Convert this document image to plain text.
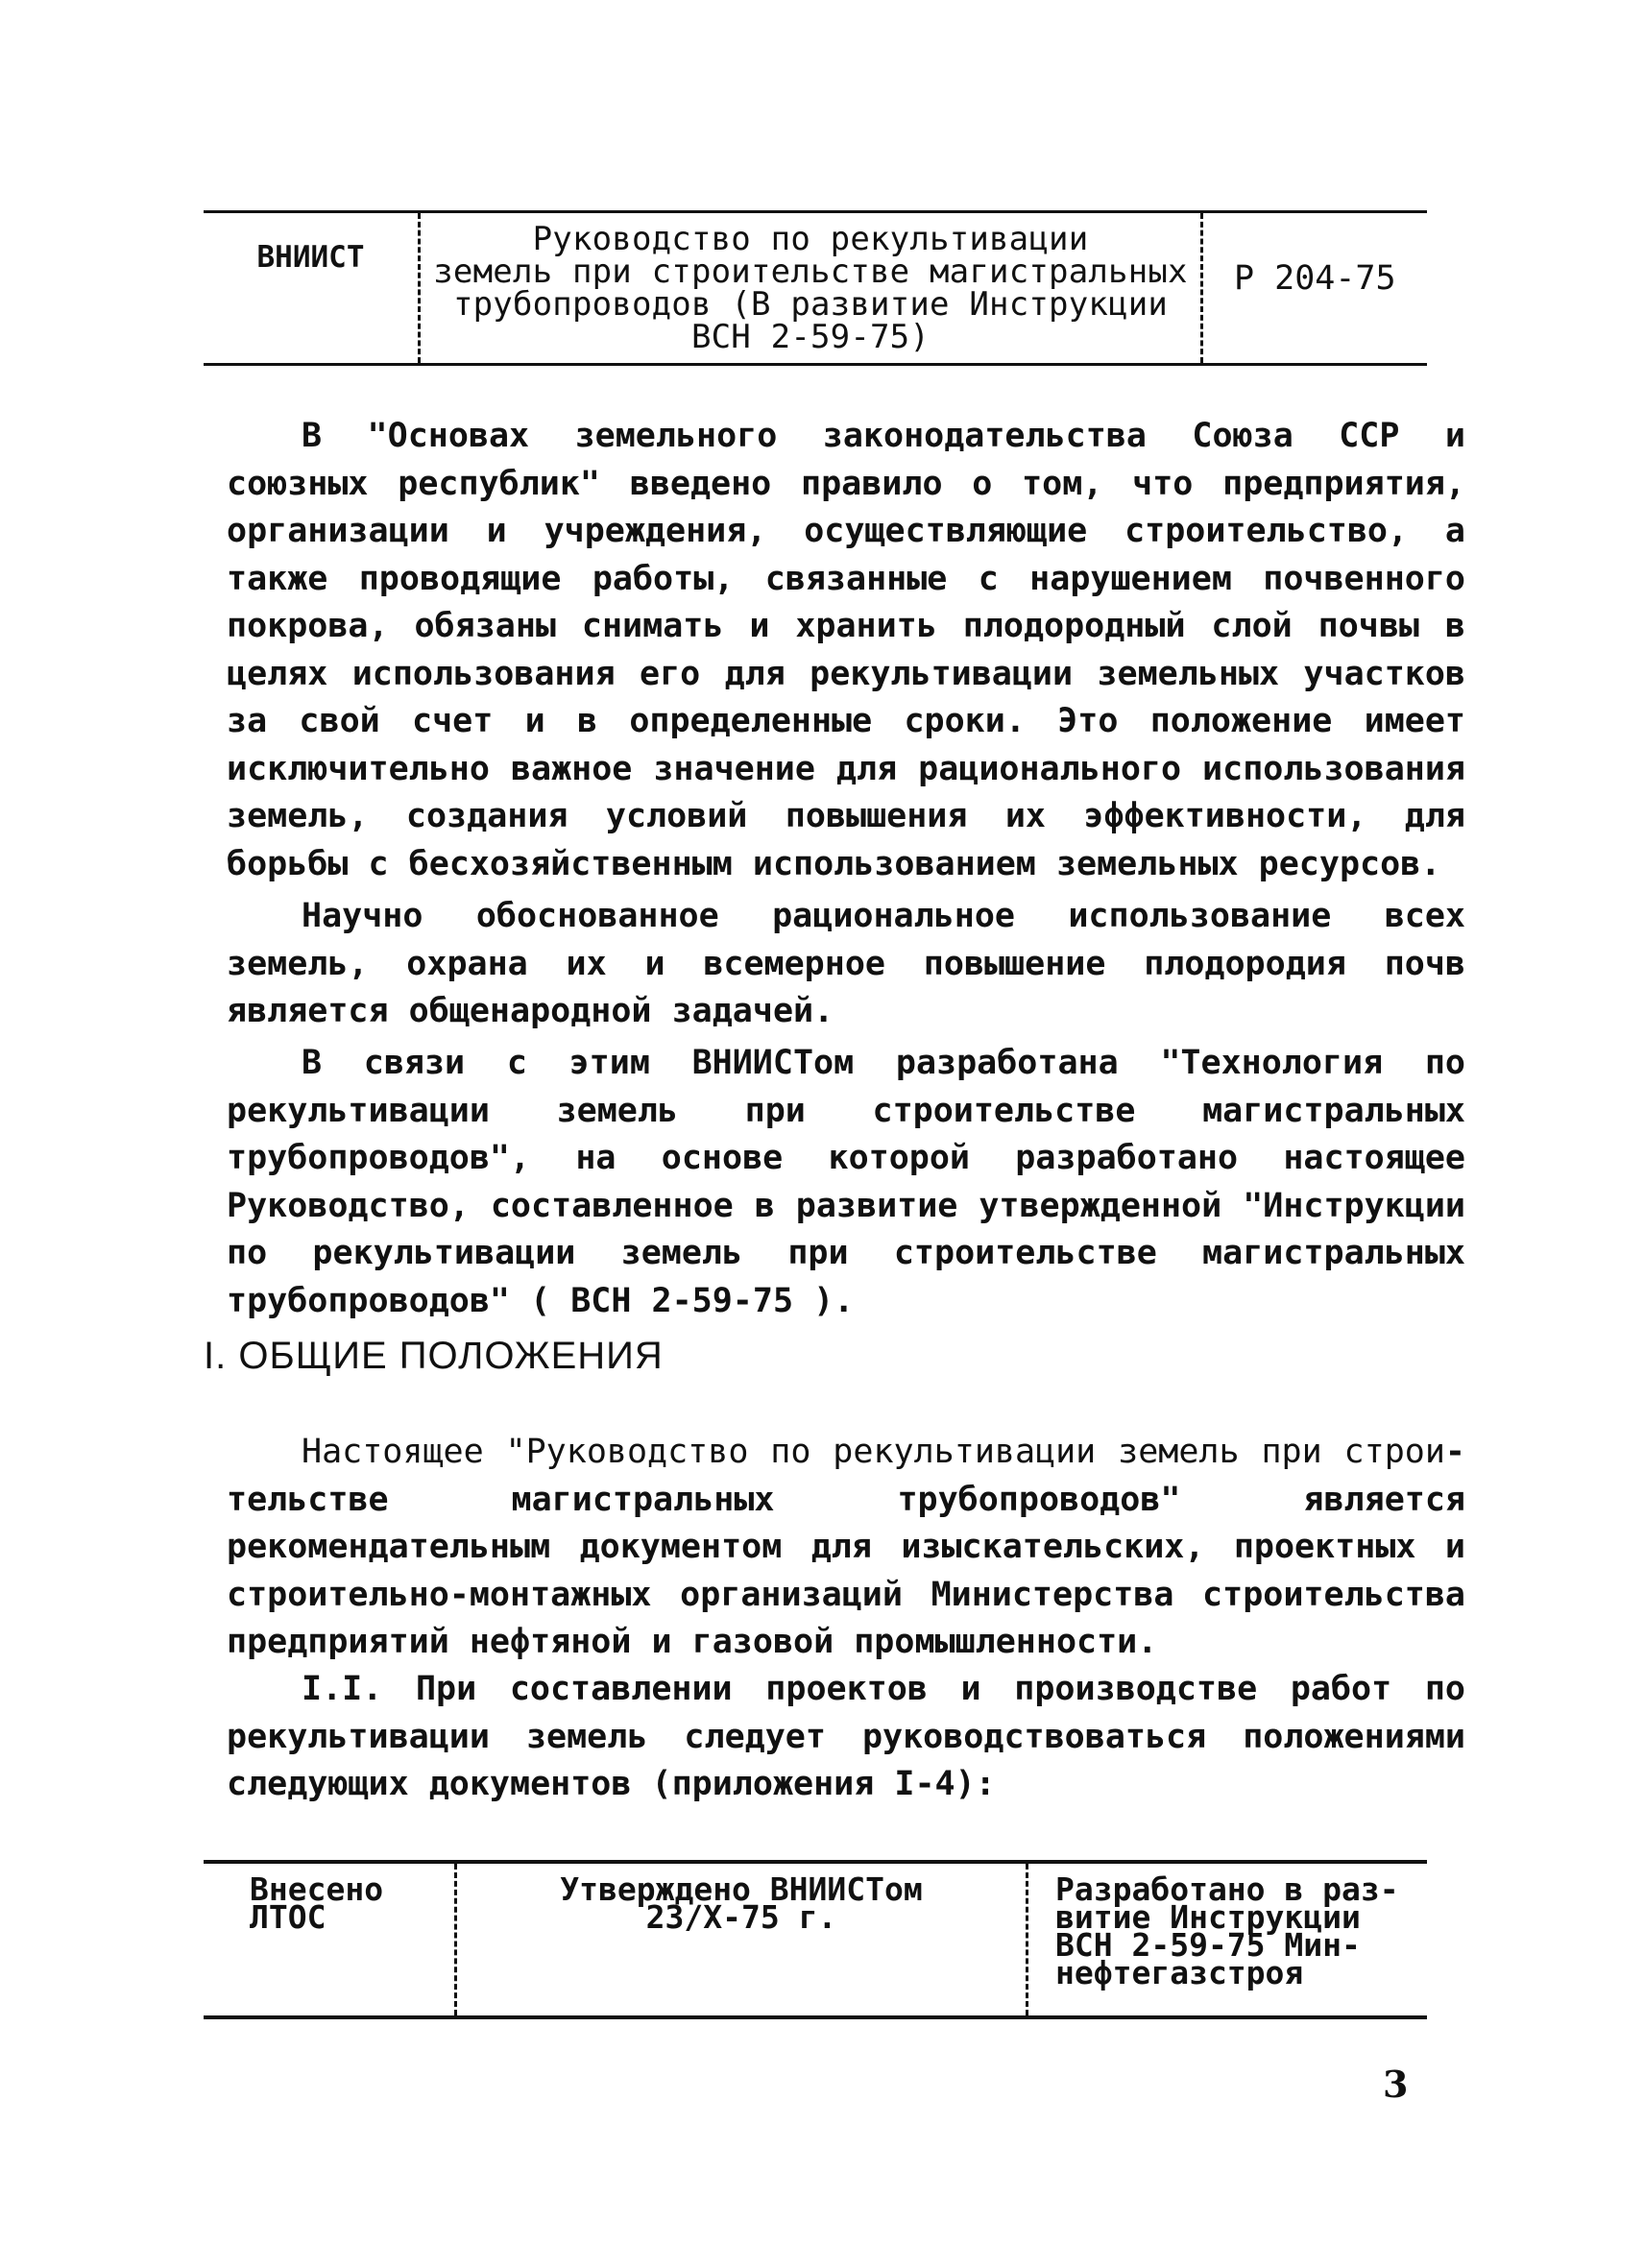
ВНИИСТ	Руководство по рекультивации
земель при строительстве магистральных
трубопроводов (В развитие Инструкции
ВСН 2-59-75)
Р 204-75

В "Основах земельного законодательства Союза ССР и союзных республик" введено правило о том, что предприятия, организации и учреждения, осуществляющие строительство, а также проводящие работы, связанные с нарушением почвенного покрова, обязаны снимать и хранить плодородный слой почвы в целях использования его для рекультивации земельных участков за свой счет и в определенные сроки. Это положение имеет исключительно важное значение для рационального использования земель, создания условий повышения их эффективности, для борьбы с бесхозяйственным использованием земельных ресурсов.

Научно обоснованное рациональное использование всех земель, охрана их и всемерное повышение плодородия почв является общенародной задачей.

В связи с этим ВНИИСТом разработана "Технология по рекультивации земель при строительстве магистральных трубопроводов", на основе которой разработано настоящее Руководство, составленное в развитие утвержденной "Инструкции по рекультивации земель при строительстве магистральных трубопроводов" ( ВСН 2-59-75 ).

I. ОБЩИЕ ПОЛОЖЕНИЯ

Настоящее "Руководство по рекультивации земель при строи-тельстве магистральных трубопроводов" является рекомендательным документом для изыскательских, проектных и строительно-монтажных организаций Министерства строительства предприятий нефтяной и газовой промышленности.

I.I. При составлении проектов и производстве работ по рекультивации земель следует руководствоваться положениями следующих документов (приложения I-4):

Внесено
ЛТОС
Утверждено ВНИИСТом
23/Х-75 г.
Разработано в раз-
витие Инструкции
ВСН 2-59-75 Мин-
нефтегазстроя
3
